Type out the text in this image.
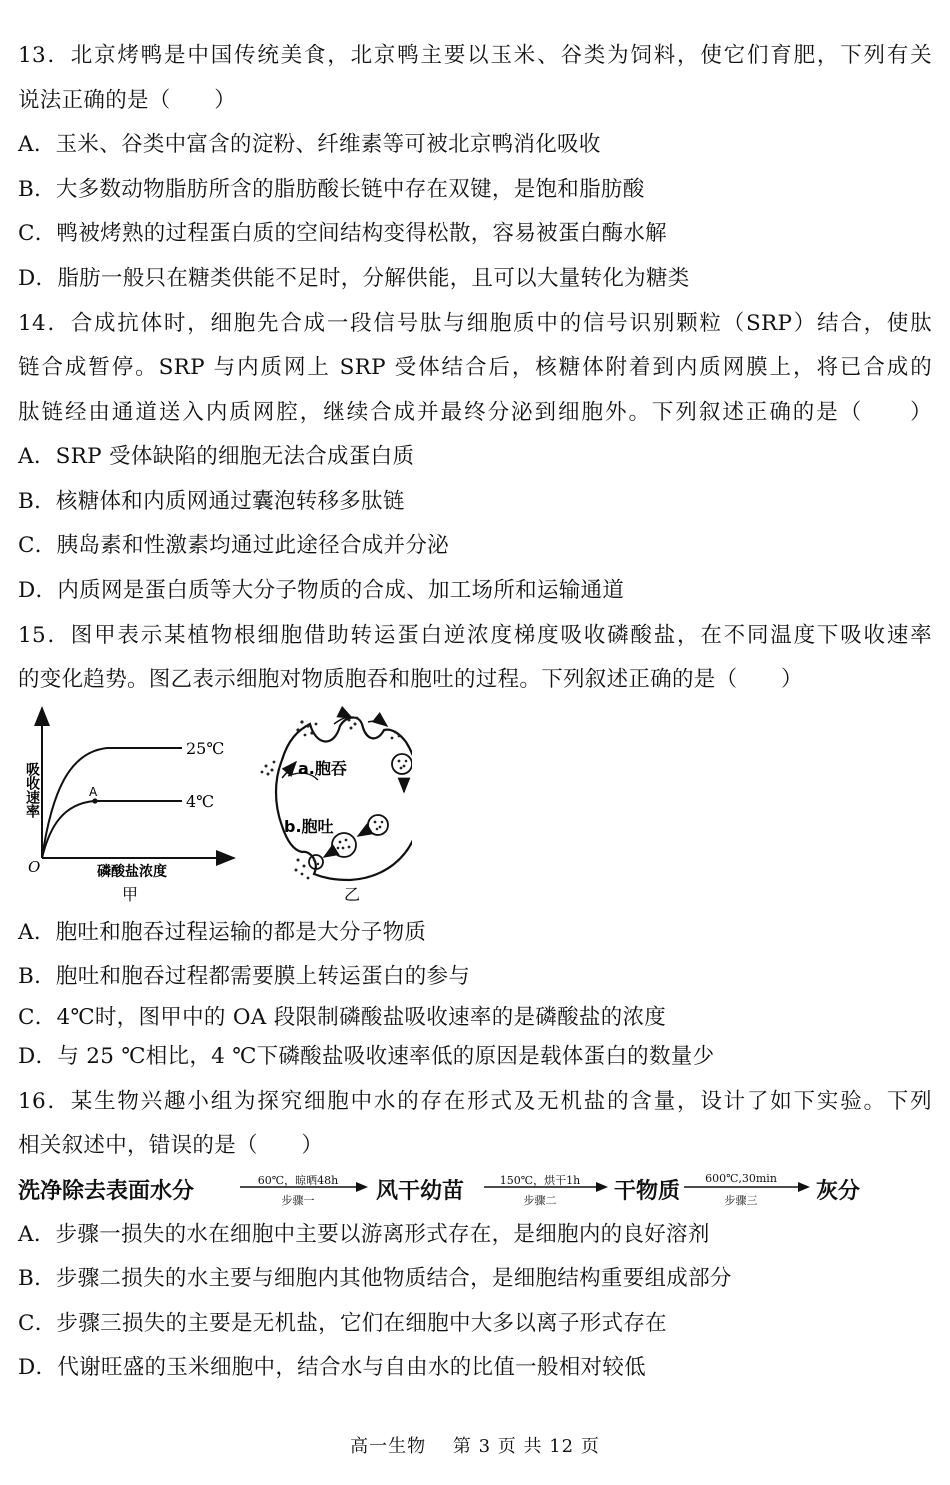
13．北京烤鸭是中国传统美食，北京鸭主要以玉米、谷类为饲料，使它们育肥，下列有关
说法正确的是（　　）
A．玉米、谷类中富含的淀粉、纤维素等可被北京鸭消化吸收
B．大多数动物脂肪所含的脂肪酸长链中存在双键，是饱和脂肪酸
C．鸭被烤熟的过程蛋白质的空间结构变得松散，容易被蛋白酶水解
D．脂肪一般只在糖类供能不足时，分解供能，且可以大量转化为糖类
14．合成抗体时，细胞先合成一段信号肽与细胞质中的信号识别颗粒（SRP）结合，使肽
链合成暂停。SRP 与内质网上 SRP 受体结合后，核糖体附着到内质网膜上，将已合成的
肽链经由通道送入内质网腔，继续合成并最终分泌到细胞外。下列叙述正确的是（　　）
A．SRP 受体缺陷的细胞无法合成蛋白质
B．核糖体和内质网通过囊泡转移多肽链
C．胰岛素和性激素均通过此途径合成并分泌
D．内质网是蛋白质等大分子物质的合成、加工场所和运输通道
15．图甲表示某植物根细胞借助转运蛋白逆浓度梯度吸收磷酸盐，在不同温度下吸收速率
的变化趋势。图乙表示细胞对物质胞吞和胞吐的过程。下列叙述正确的是（　　）
A
25℃
4℃
O
吸收速率
磷酸盐浓度
甲
a.胞吞
b.胞吐
乙
A．胞吐和胞吞过程运输的都是大分子物质
B．胞吐和胞吞过程都需要膜上转运蛋白的参与
C．4℃时，图甲中的 OA 段限制磷酸盐吸收速率的是磷酸盐的浓度
D．与 25 ℃相比，4 ℃下磷酸盐吸收速率低的原因是载体蛋白的数量少
16．某生物兴趣小组为探究细胞中水的存在形式及无机盐的含量，设计了如下实验。下列
相关叙述中，错误的是（　　）
洗净除去表面水分	60℃，晾晒48h
步骤一	风干幼苗	150℃，烘干1h
步骤二	干物质
600℃,30min
步骤三	灰分
A．步骤一损失的水在细胞中主要以游离形式存在，是细胞内的良好溶剂
B．步骤二损失的水主要与细胞内其他物质结合，是细胞结构重要组成部分
C．步骤三损失的主要是无机盐，它们在细胞中大多以离子形式存在
D．代谢旺盛的玉米细胞中，结合水与自由水的比值一般相对较低
高一生物 第 3 页 共 12 页
